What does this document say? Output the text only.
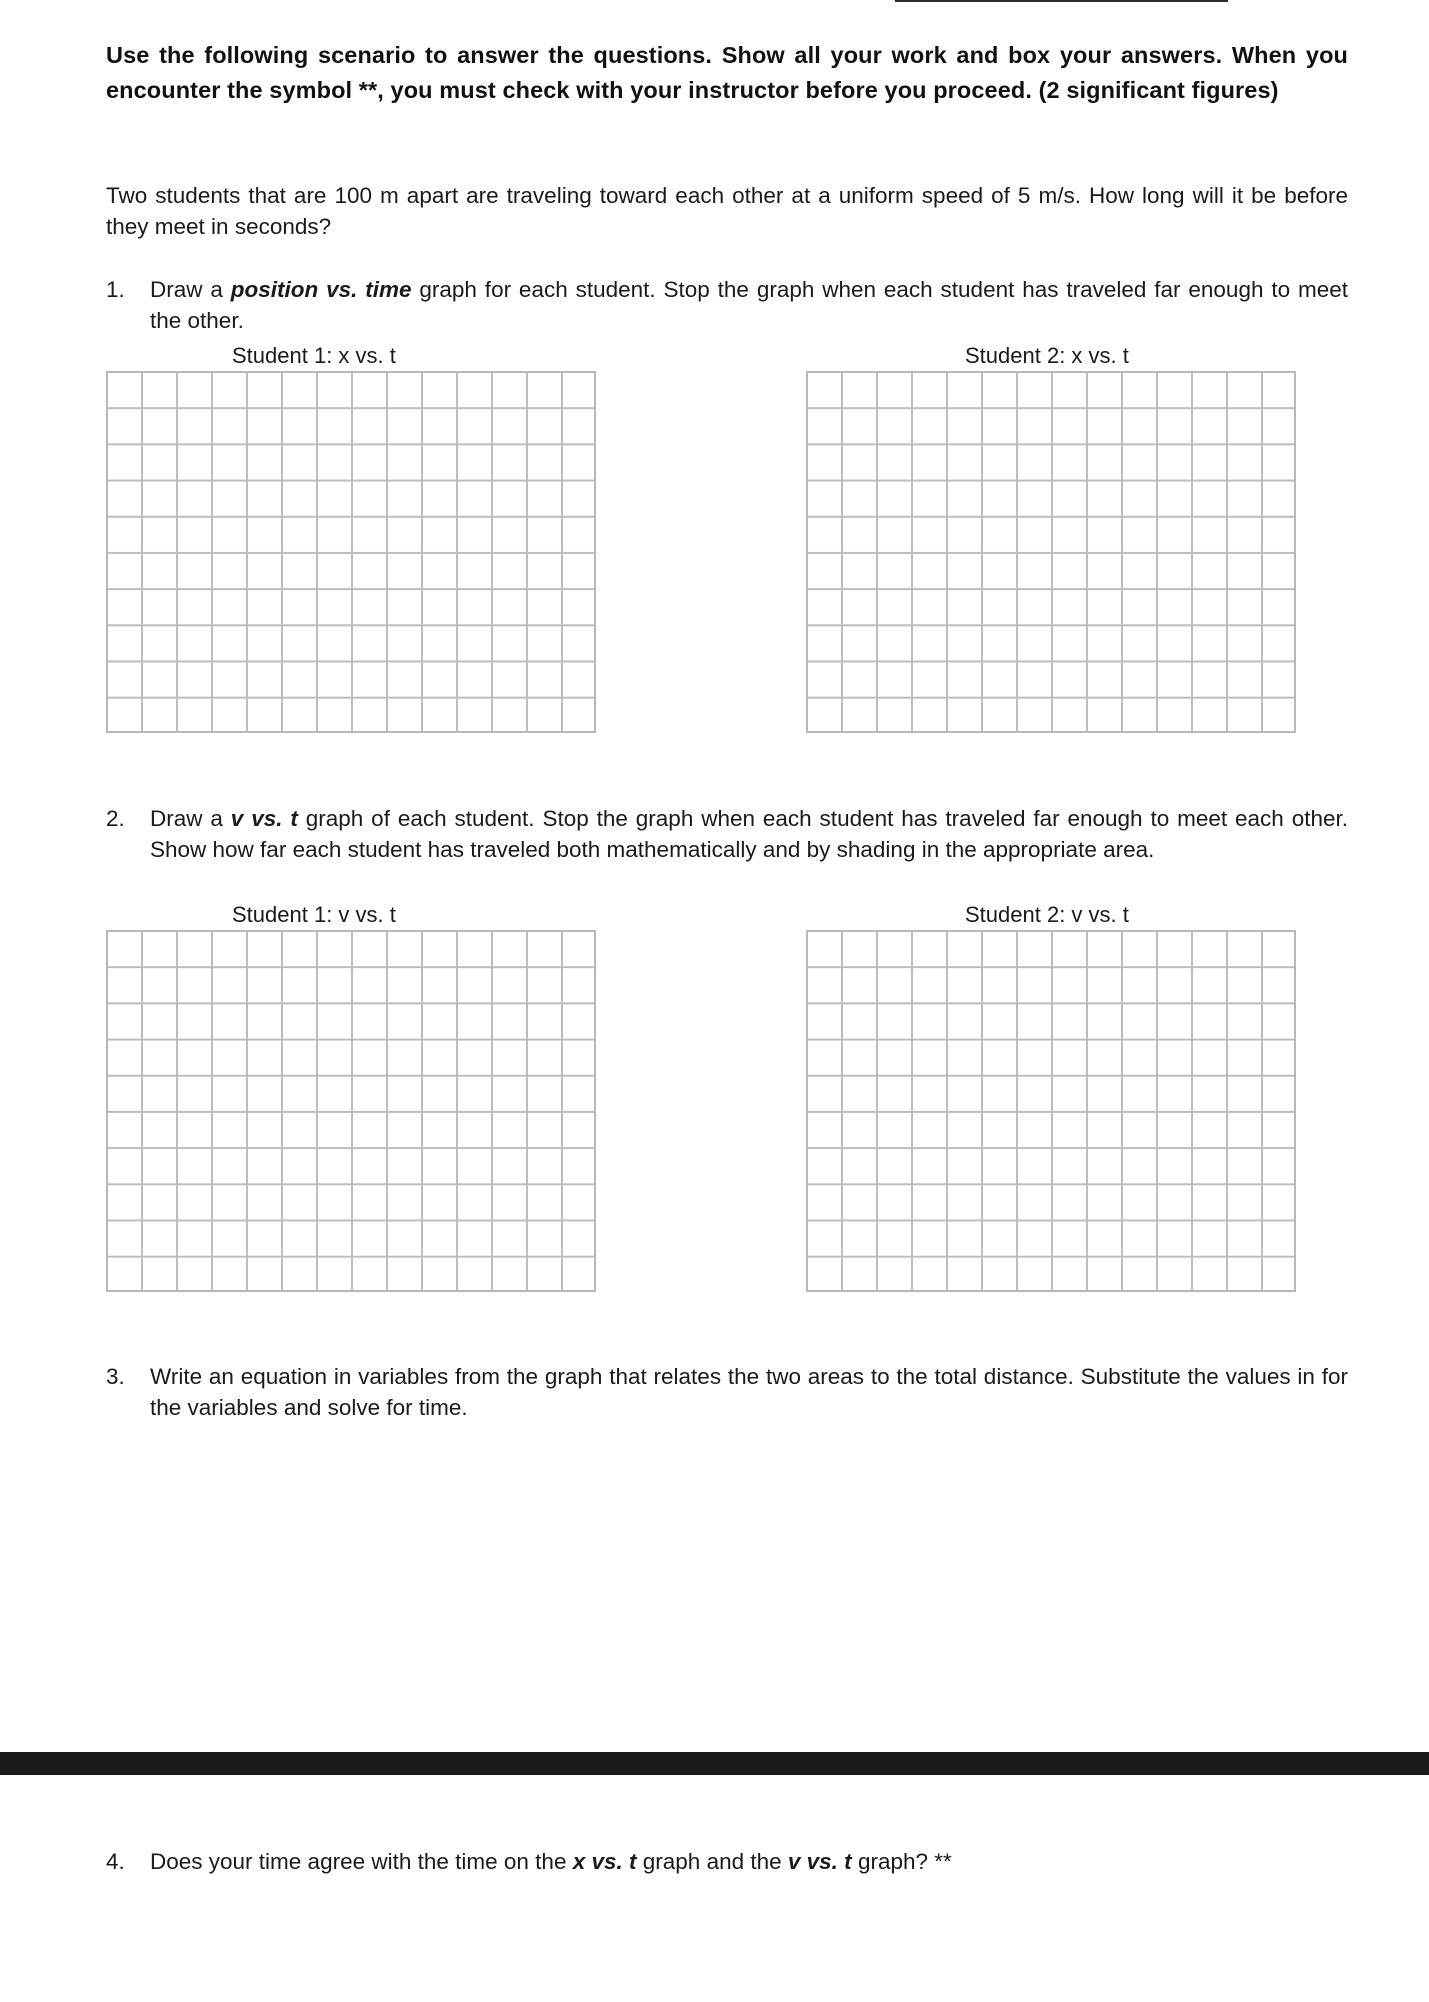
Use the following scenario to answer the questions. Show all your work and box your answers. When you encounter the symbol **, you must check with your instructor before you proceed. (2 significant figures)
Two students that are 100 m apart are traveling toward each other at a uniform speed of 5 m/s. How long will it be before they meet in seconds?
1. Draw a position vs. time graph for each student. Stop the graph when each student has traveled far enough to meet the other.
Student 1: x vs. t	Student 2: x vs. t
2. Draw a v vs. t graph of each student. Stop the graph when each student has traveled far enough to meet each other. Show how far each student has traveled both mathematically and by shading in the appropriate area.
Student 1: v vs. t	Student 2: v vs. t
3. Write an equation in variables from the graph that relates the two areas to the total distance. Substitute the values in for the variables and solve for time.
4. Does your time agree with the time on the x vs. t graph and the v vs. t graph? **
